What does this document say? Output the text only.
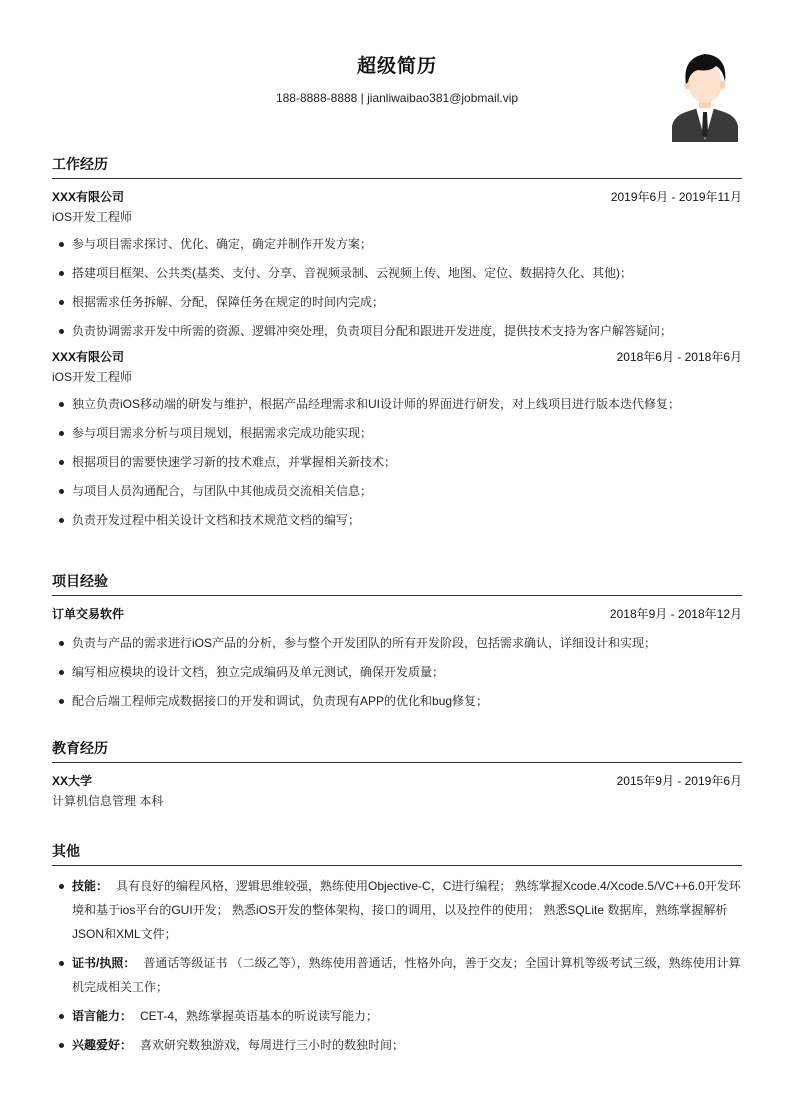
超级简历
188-8888-8888 | jianliwaibao381@jobmail.vip
工作经历
XXX有限公司	2019年6月 - 2019年11月
iOS开发工程师
参与项目需求探讨、优化、确定，确定并制作开发方案；
搭建项目框架、公共类(基类、支付、分享、音视频录制、云视频上传、地图、定位、数据持久化、其他)；
根据需求任务拆解、分配，保障任务在规定的时间内完成；
负责协调需求开发中所需的资源、逻辑冲突处理，负责项目分配和跟进开发进度，提供技术支持为客户解答疑问；
XXX有限公司	2018年6月 - 2018年6月
iOS开发工程师
独立负责iOS移动端的研发与维护，根据产品经理需求和UI设计师的界面进行研发，对上线项目进行版本迭代修复；
参与项目需求分析与项目规划，根据需求完成功能实现；
根据项目的需要快速学习新的技术难点，并掌握相关新技术；
与项目人员沟通配合，与团队中其他成员交流相关信息；
负责开发过程中相关设计文档和技术规范文档的编写；
项目经验
订单交易软件	2018年9月 - 2018年12月
负责与产品的需求进行iOS产品的分析，参与整个开发团队的所有开发阶段，包括需求确认，详细设计和实现；
编写相应模块的设计文档，独立完成编码及单元测试，确保开发质量；
配合后端工程师完成数据接口的开发和调试，负责现有APP的优化和bug修复；
教育经历
XX大学	2015年9月 - 2019年6月
计算机信息管理 本科
其他
技能： 具有良好的编程风格，逻辑思维较强，熟练使用Objective-C，C进行编程； 熟练掌握Xcode.4/Xcode.5/VC++6.0开发环境和基于ios平台的GUI开发； 熟悉iOS开发的整体架构，接口的调用，以及控件的使用； 熟悉SQLite 数据库，熟练掌握解析JSON和XML文件；
证书/执照： 普通话等级证书 （二级乙等），熟练使用普通话，性格外向，善于交友；全国计算机等级考试三级，熟练使用计算机完成相关工作；
语言能力： CET-4，熟练掌握英语基本的听说读写能力；
兴趣爱好： 喜欢研究数独游戏，每周进行三小时的数独时间；
